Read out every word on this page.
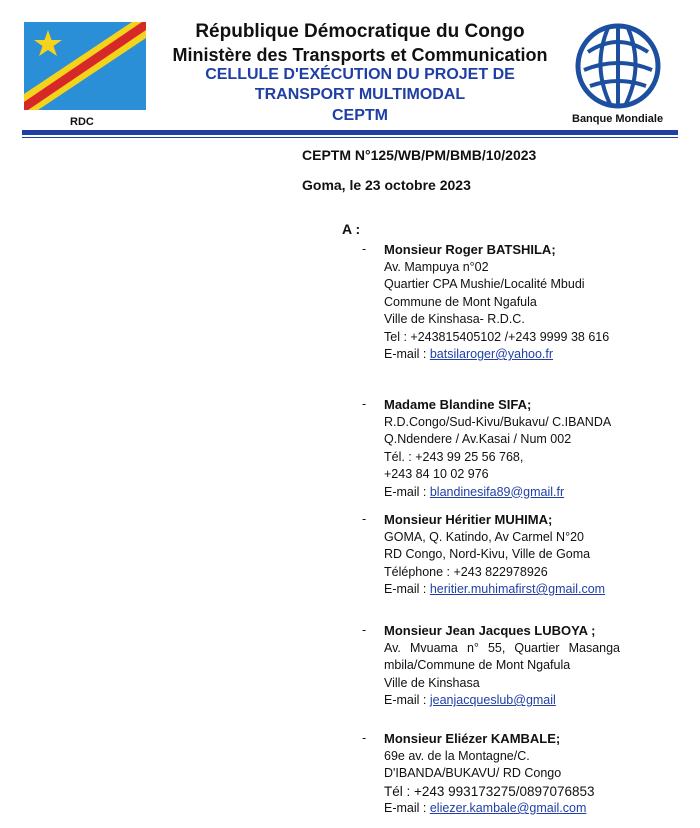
RDC	Banque Mondiale
République Démocratique du Congo
Ministère des Transports et Communication
CELLULE D'EXÉCUTION DU PROJET DE
TRANSPORT MULTIMODAL
CEPTM
CEPTM N°125/WB/PM/BMB/10/2023
Goma, le 23 octobre 2023
A :
- Monsieur Roger BATSHILA;
Av. Mampuya n°02
Quartier CPA Mushie/Localité Mbudi
Commune de Mont Ngafula
Ville de Kinshasa- R.D.C.
Tel : +243815405102 /+243 9999 38 616
E-mail : batsilaroger@yahoo.fr
- Madame Blandine SIFA;
R.D.Congo/Sud-Kivu/Bukavu/ C.IBANDA
Q.Ndendere / Av.Kasai / Num 002
Tél. : +243 99 25 56 768,
+243 84 10 02 976
E-mail : blandinesifa89@gmail.fr
- Monsieur Héritier MUHIMA;
GOMA, Q. Katindo, Av Carmel N°20
RD Congo, Nord-Kivu, Ville de Goma
Téléphone : +243 822978926
E-mail : heritier.muhimafirst@gmail.com
- Monsieur Jean Jacques LUBOYA ;
Av. Mvuama n° 55, Quartier Masanga mbila/Commune de Mont Ngafula
Ville de Kinshasa
E-mail : jeanjacqueslub@gmail
- Monsieur Eliézer KAMBALE;
69e av. de la Montagne/C.
D'IBANDA/BUKAVU/ RD Congo
Tél : +243 993173275/0897076853
E-mail : eliezer.kambale@gmail.com
